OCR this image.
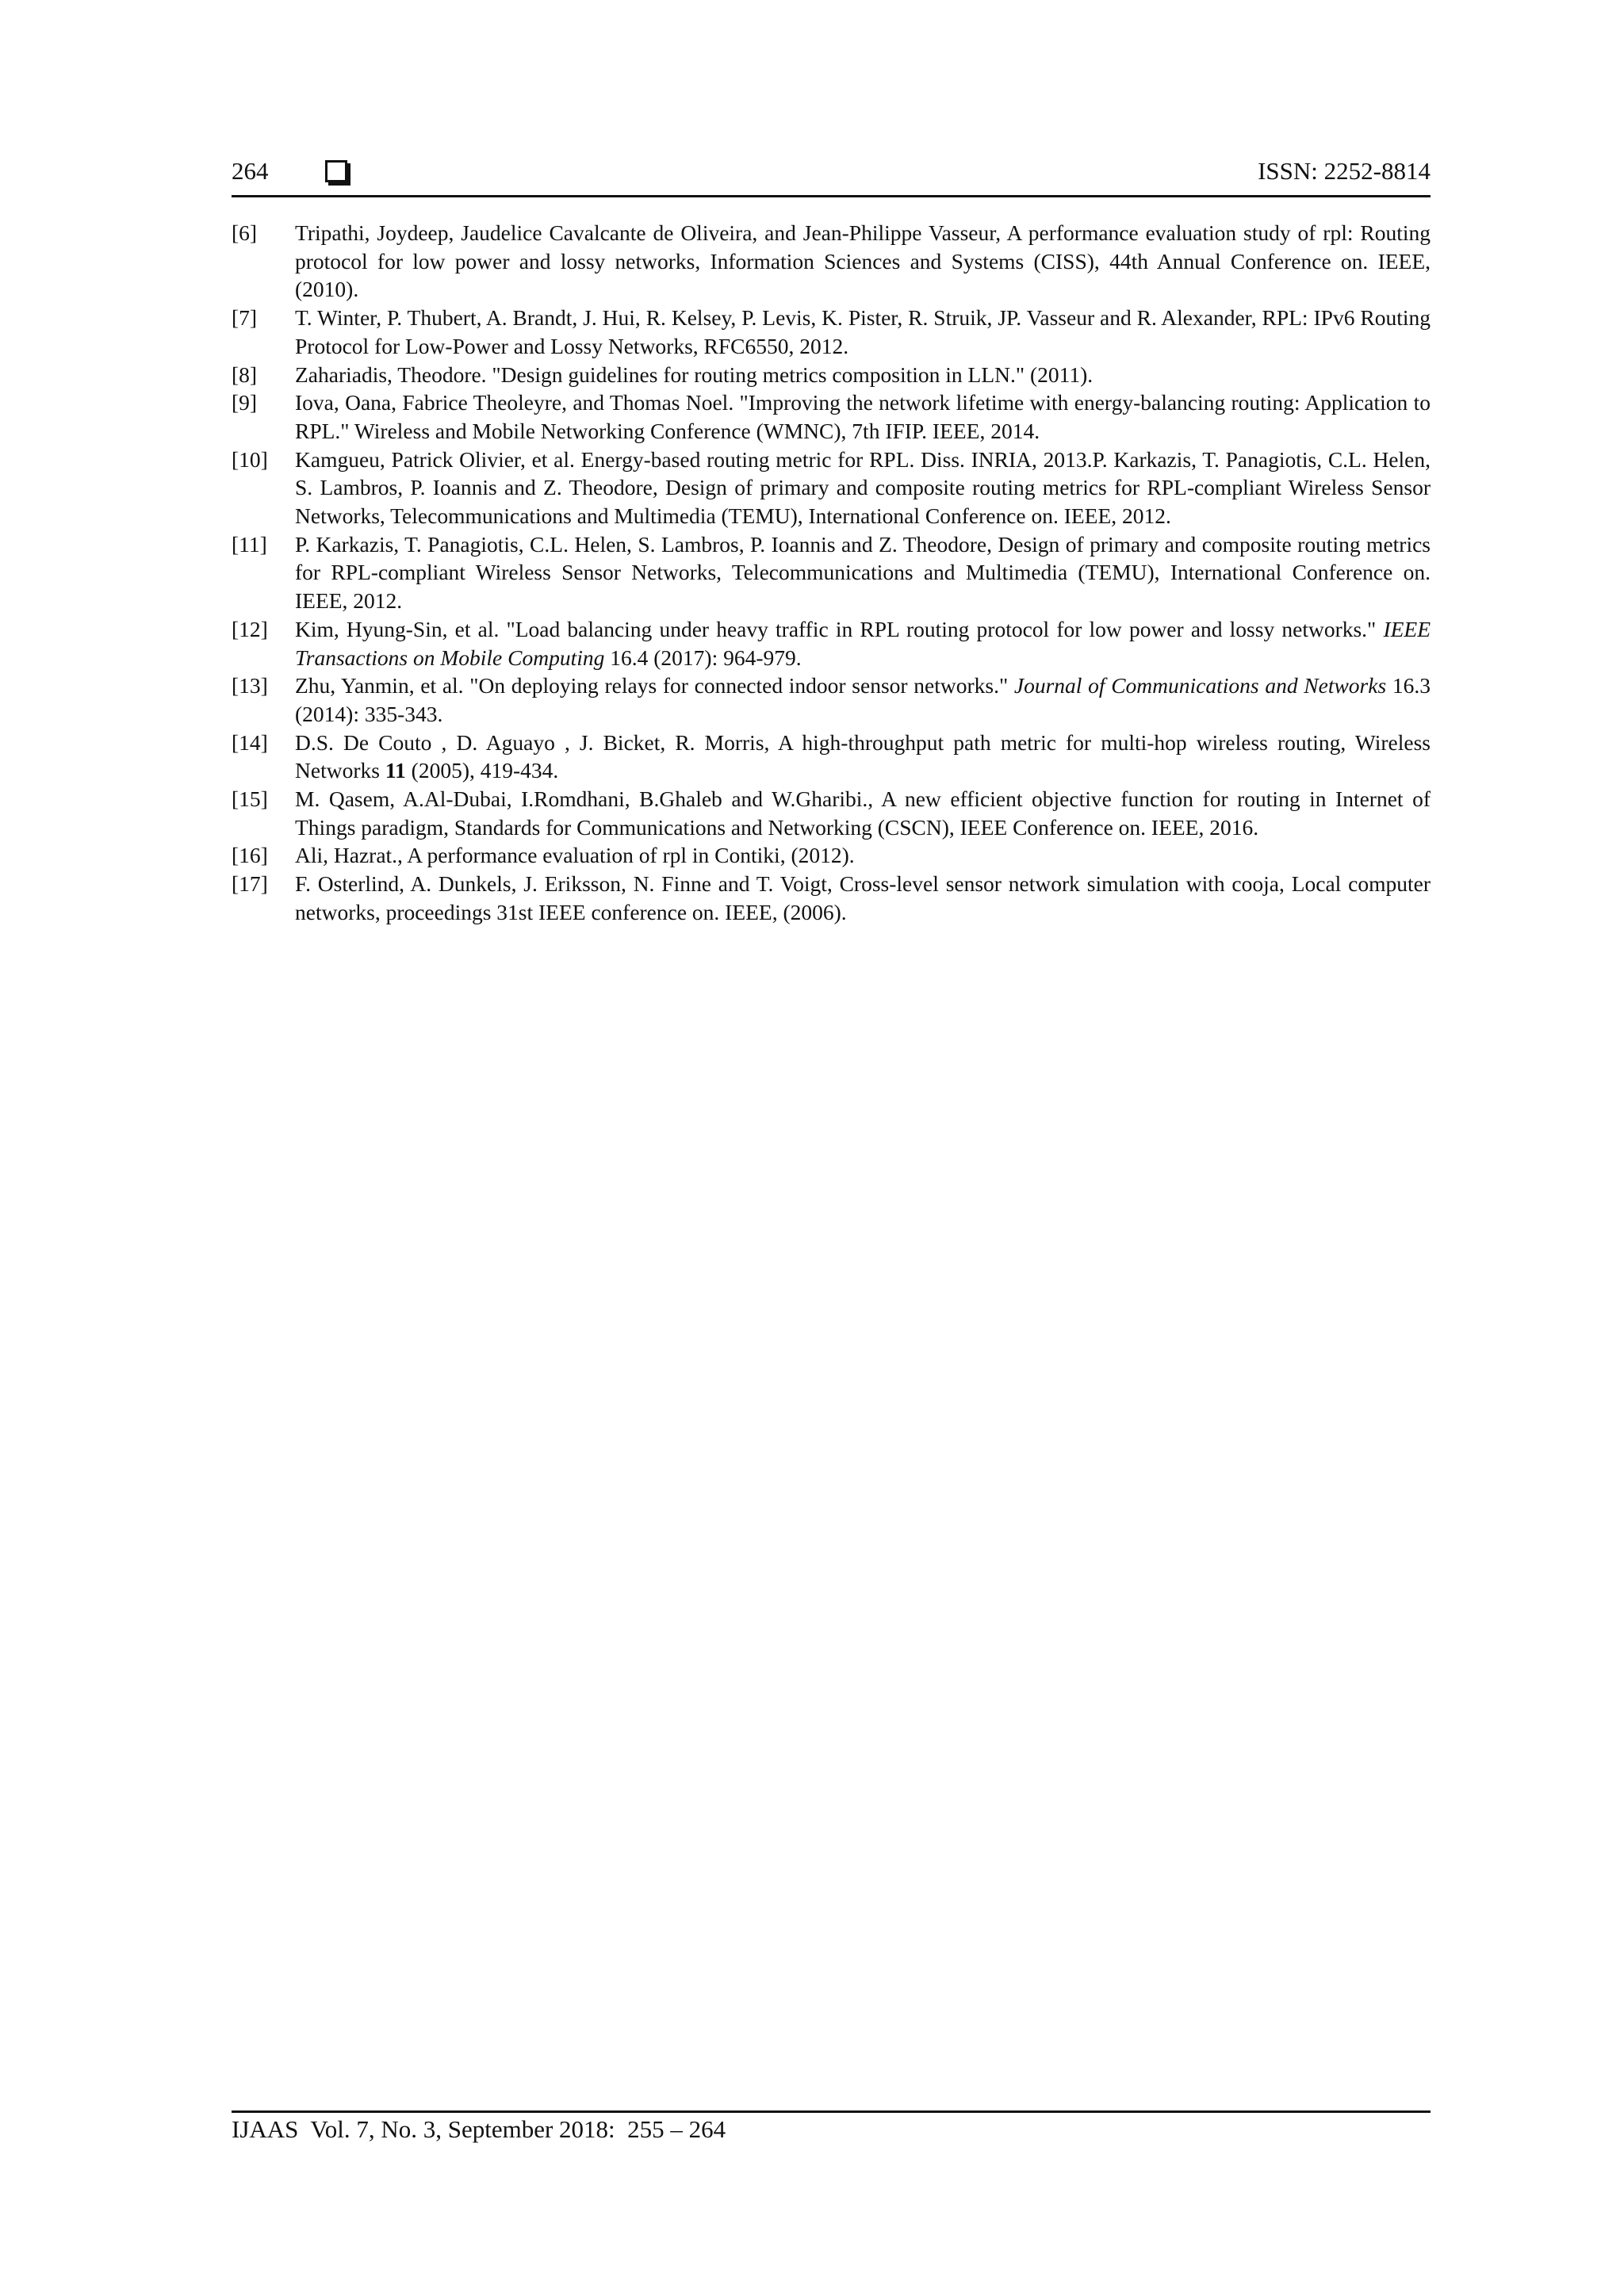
264	ISSN: 2252-8814
[6]	Tripathi, Joydeep, Jaudelice Cavalcante de Oliveira, and Jean-Philippe Vasseur, A performance evaluation study of rpl: Routing protocol for low power and lossy networks, Information Sciences and Systems (CISS), 44th Annual Conference on. IEEE, (2010).
[7]	T. Winter, P. Thubert, A. Brandt, J. Hui, R. Kelsey, P. Levis, K. Pister, R. Struik, JP. Vasseur and R. Alexander, RPL: IPv6 Routing Protocol for Low-Power and Lossy Networks, RFC6550, 2012.
[8]	Zahariadis, Theodore. "Design guidelines for routing metrics composition in LLN." (2011).
[9]	Iova, Oana, Fabrice Theoleyre, and Thomas Noel. "Improving the network lifetime with energy-balancing routing: Application to RPL." Wireless and Mobile Networking Conference (WMNC), 7th IFIP. IEEE, 2014.
[10]	Kamgueu, Patrick Olivier, et al. Energy-based routing metric for RPL. Diss. INRIA, 2013.P. Karkazis, T. Panagiotis, C.L. Helen, S. Lambros, P. Ioannis and Z. Theodore, Design of primary and composite routing metrics for RPL-compliant Wireless Sensor Networks, Telecommunications and Multimedia (TEMU), International Conference on. IEEE, 2012.
[11]	P. Karkazis, T. Panagiotis, C.L. Helen, S. Lambros, P. Ioannis and Z. Theodore, Design of primary and composite routing metrics for RPL-compliant Wireless Sensor Networks, Telecommunications and Multimedia (TEMU), International Conference on. IEEE, 2012.
[12]	Kim, Hyung-Sin, et al. "Load balancing under heavy traffic in RPL routing protocol for low power and lossy networks." IEEE Transactions on Mobile Computing 16.4 (2017): 964-979.
[13]	Zhu, Yanmin, et al. "On deploying relays for connected indoor sensor networks." Journal of Communications and Networks 16.3 (2014): 335-343.
[14]	D.S. De Couto , D. Aguayo , J. Bicket, R. Morris, A high-throughput path metric for multi-hop wireless routing, Wireless Networks 11 (2005), 419-434.
[15]	M. Qasem, A.Al-Dubai, I.Romdhani, B.Ghaleb and W.Gharibi., A new efficient objective function for routing in Internet of Things paradigm, Standards for Communications and Networking (CSCN), IEEE Conference on. IEEE, 2016.
[16]	Ali, Hazrat., A performance evaluation of rpl in Contiki, (2012).
[17]	F. Osterlind, A. Dunkels, J. Eriksson, N. Finne and T. Voigt, Cross-level sensor network simulation with cooja, Local computer networks, proceedings 31st IEEE conference on. IEEE, (2006).
IJAAS  Vol. 7, No. 3, September 2018:  255 – 264
